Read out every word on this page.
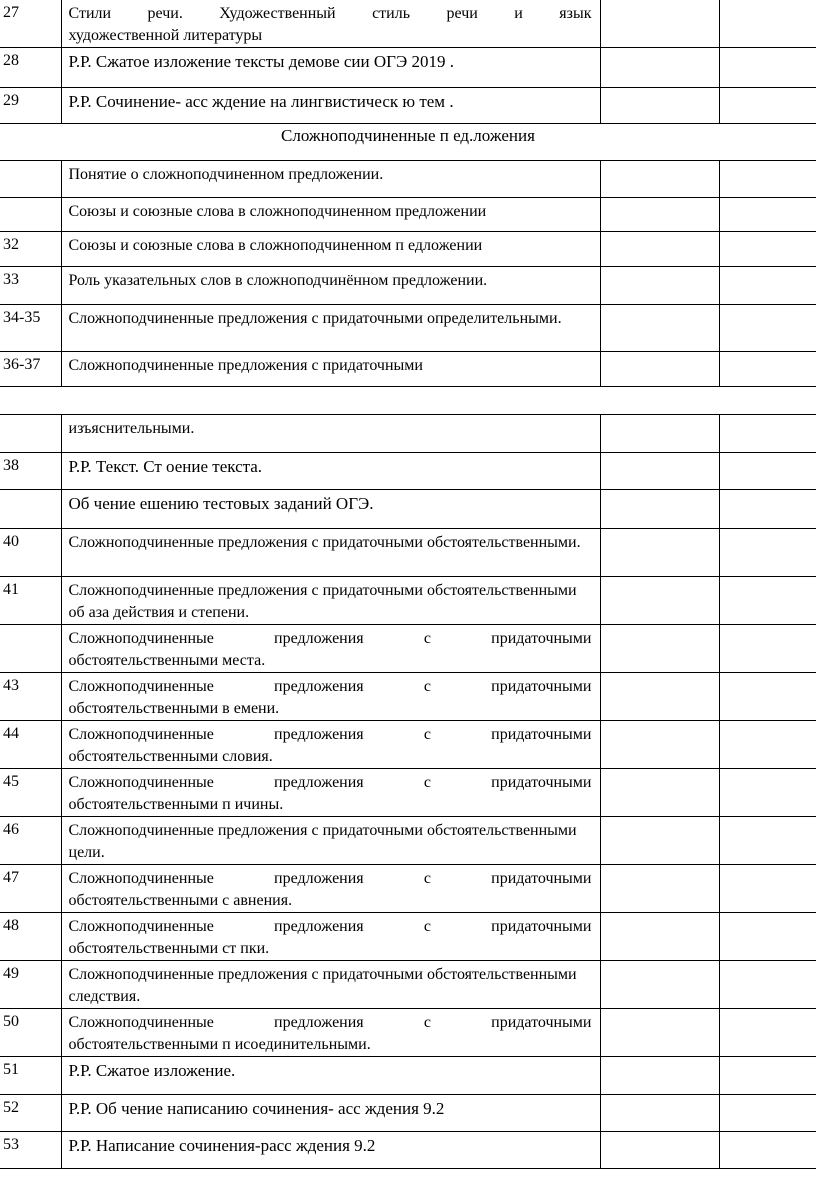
27	Стили речи. Художественный стиль речи и язык
художественной литературы		

28	Р.Р. Сжатое изложение тексты демове сии ОГЭ 2019 .		
29	Р.Р. Сочинение- асс ждение на лингвистическ ю тем .		
Сложноподчиненные п ед.ложения			
	Понятие о сложноподчиненном предложении.		
	Союзы и союзные слова в сложноподчиненном предложении		
32	Союзы и союзные слова в сложноподчиненном п едложении		
33	Роль указательных слов в сложноподчинённом предложении.		
34-35	Сложноподчиненные предложения с придаточными определительными.		
36-37	Сложноподчиненные предложения с придаточными		
	изъяснительными.		
38	Р.Р. Текст. Ст оение текста.		
	Об чение ешению тестовых заданий ОГЭ.		
40	Сложноподчиненные предложения с придаточными обстоятельственными.		
41	Сложноподчиненные предложения с придаточными обстоятельственными об аза действия и степени.		

	Сложноподчиненные предложения с придаточными
обстоятельственными места.		

43	Сложноподчиненные предложения с придаточными
обстоятельственными в емени.		

44	Сложноподчиненные предложения с придаточными
обстоятельственными словия.		

45	Сложноподчиненные предложения с придаточными
обстоятельственными п ичины.		

46	Сложноподчиненные предложения с придаточными обстоятельственными цели.		
47	Сложноподчиненные предложения с придаточными
обстоятельственными с авнения.		

48	Сложноподчиненные предложения с придаточными
обстоятельственными ст пки.		

49	Сложноподчиненные предложения с придаточными обстоятельственными следствия.		
50	Сложноподчиненные предложения с придаточными
обстоятельственными п исоединительными.		

51	Р.Р. Сжатое изложение.		
52	Р.Р. Об чение написанию сочинения- асс ждения 9.2		
53	Р.Р. Написание сочинения-расс ждения 9.2		
